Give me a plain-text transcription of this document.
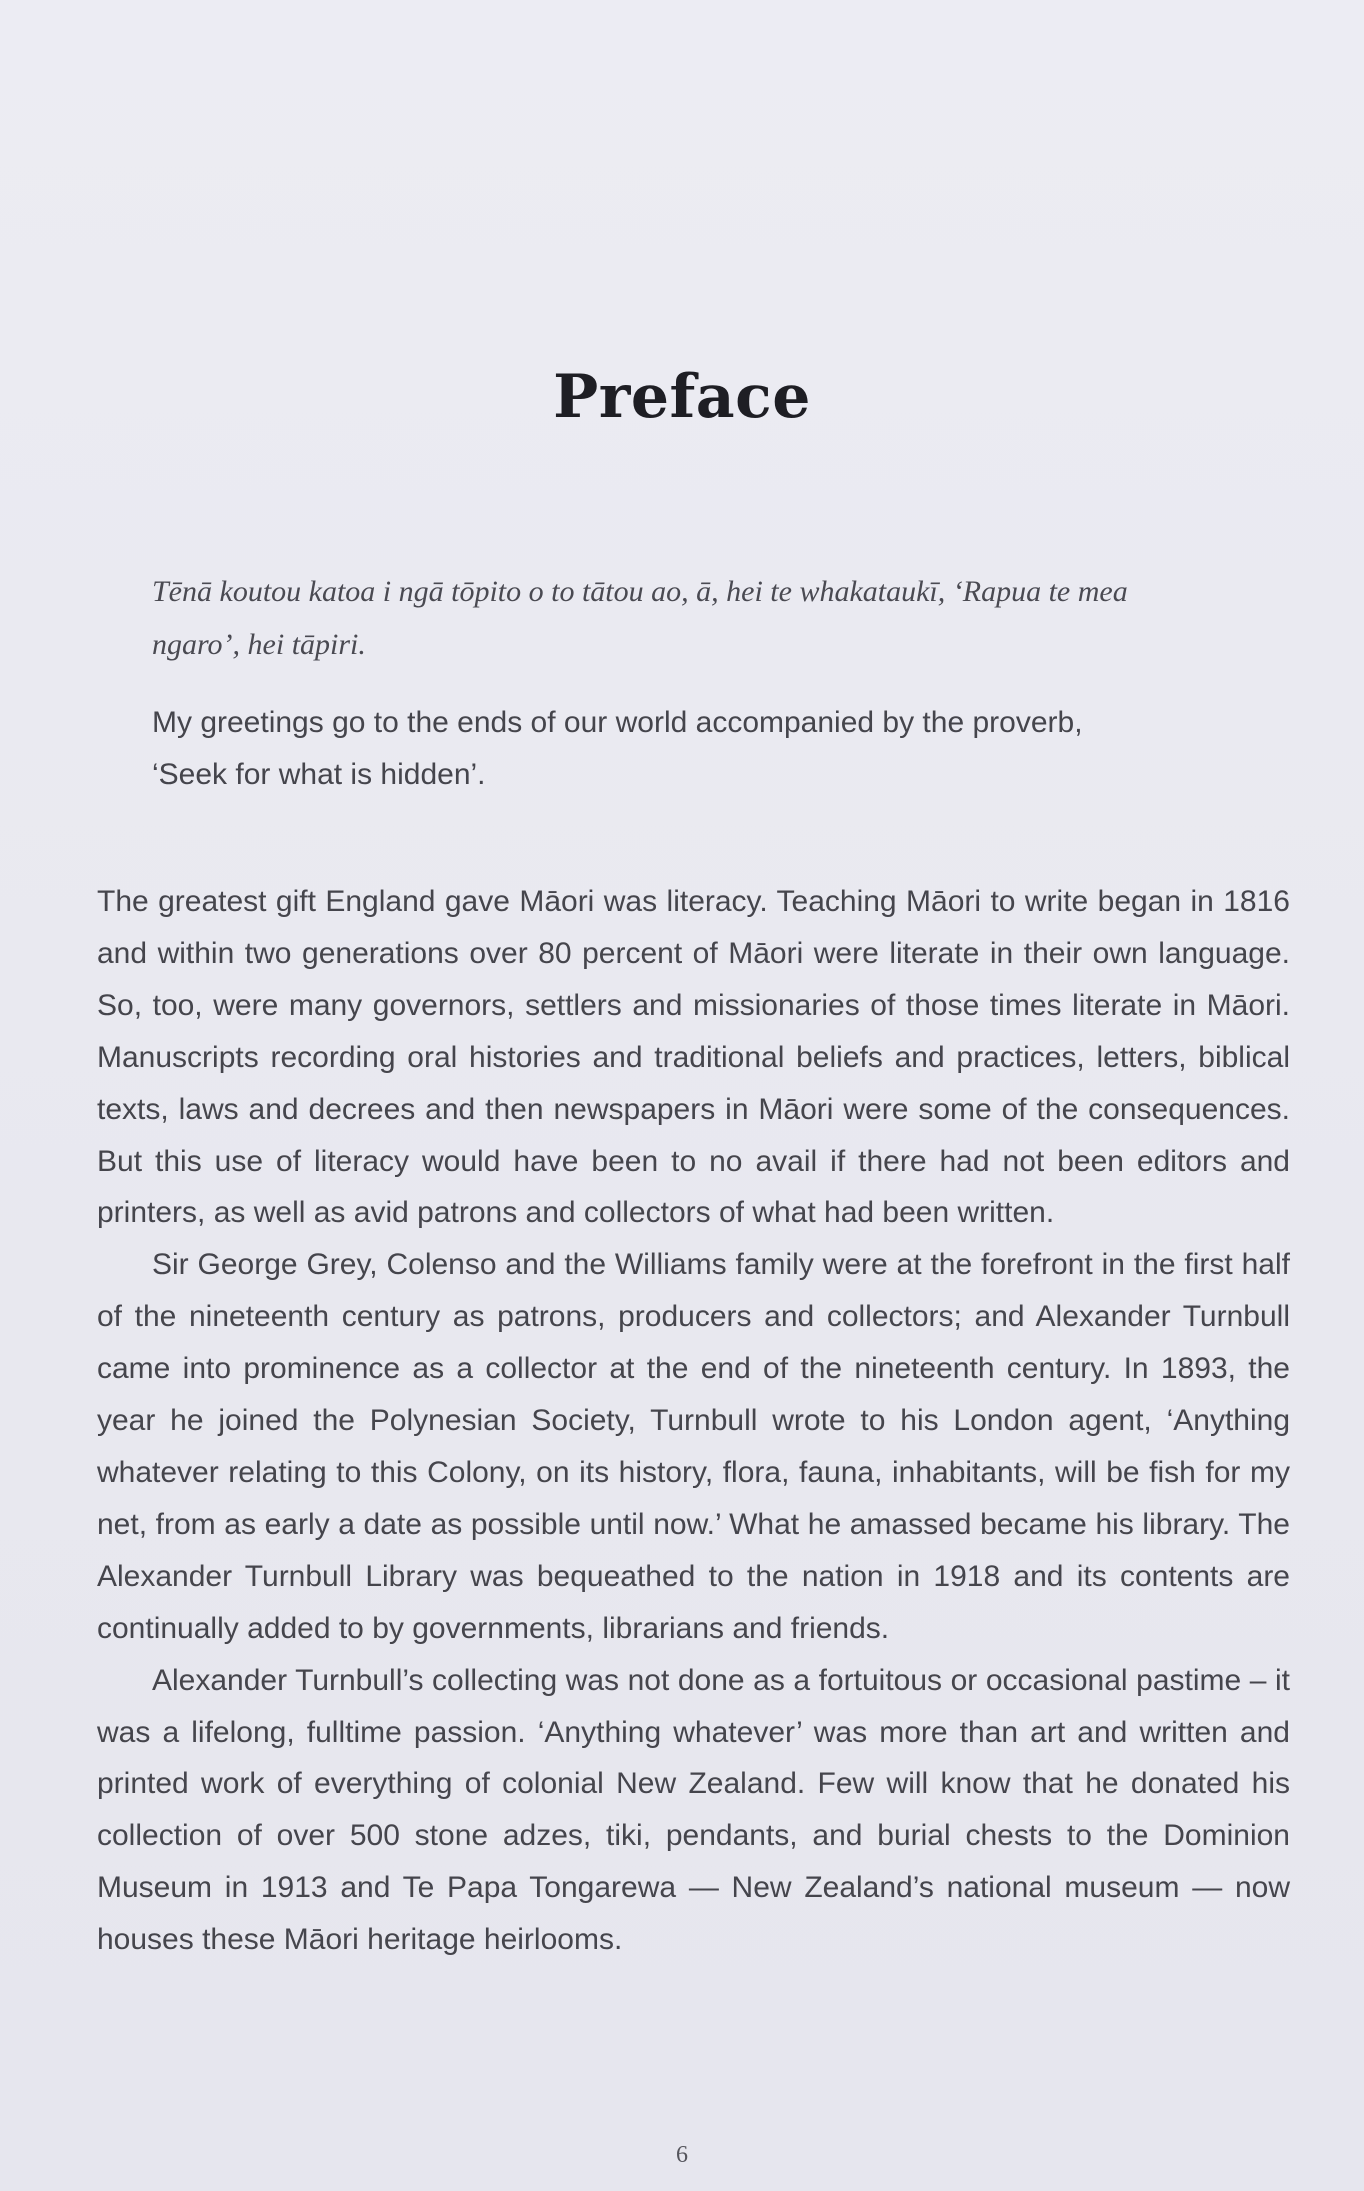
Preface

Tēnā koutou katoa i ngā tōpito o to tātou ao, ā, hei te whakataukī, ‘Rapua te mea ngaro’, hei tāpiri.

My greetings go to the ends of our world accompanied by the proverb, ‘Seek for what is hidden’.

The greatest gift England gave Māori was literacy. Teaching Māori to write began in 1816 and within two generations over 80 percent of Māori were literate in their own language. So, too, were many governors, settlers and missionaries of those times literate in Māori. Manuscripts recording oral histories and traditional beliefs and practices, letters, biblical texts, laws and decrees and then newspapers in Māori were some of the consequences. But this use of literacy would have been to no avail if there had not been editors and printers, as well as avid patrons and collectors of what had been written.

Sir George Grey, Colenso and the Williams family were at the forefront in the first half of the nineteenth century as patrons, producers and collectors; and Alexander Turnbull came into prominence as a collector at the end of the nineteenth century. In 1893, the year he joined the Polynesian Society, Turnbull wrote to his London agent, ‘Anything whatever relating to this Colony, on its history, flora, fauna, inhabitants, will be fish for my net, from as early a date as possible until now.’ What he amassed became his library. The Alexander Turnbull Library was bequeathed to the nation in 1918 and its contents are continually added to by governments, librarians and friends.

Alexander Turnbull’s collecting was not done as a fortuitous or occasional pastime – it was a lifelong, fulltime passion. ‘Anything whatever’ was more than art and written and printed work of everything of colonial New Zealand. Few will know that he donated his collection of over 500 stone adzes, tiki, pendants, and burial chests to the Dominion Museum in 1913 and Te Papa Tongarewa — New Zealand’s national museum — now houses these Māori heritage heirlooms.

6
